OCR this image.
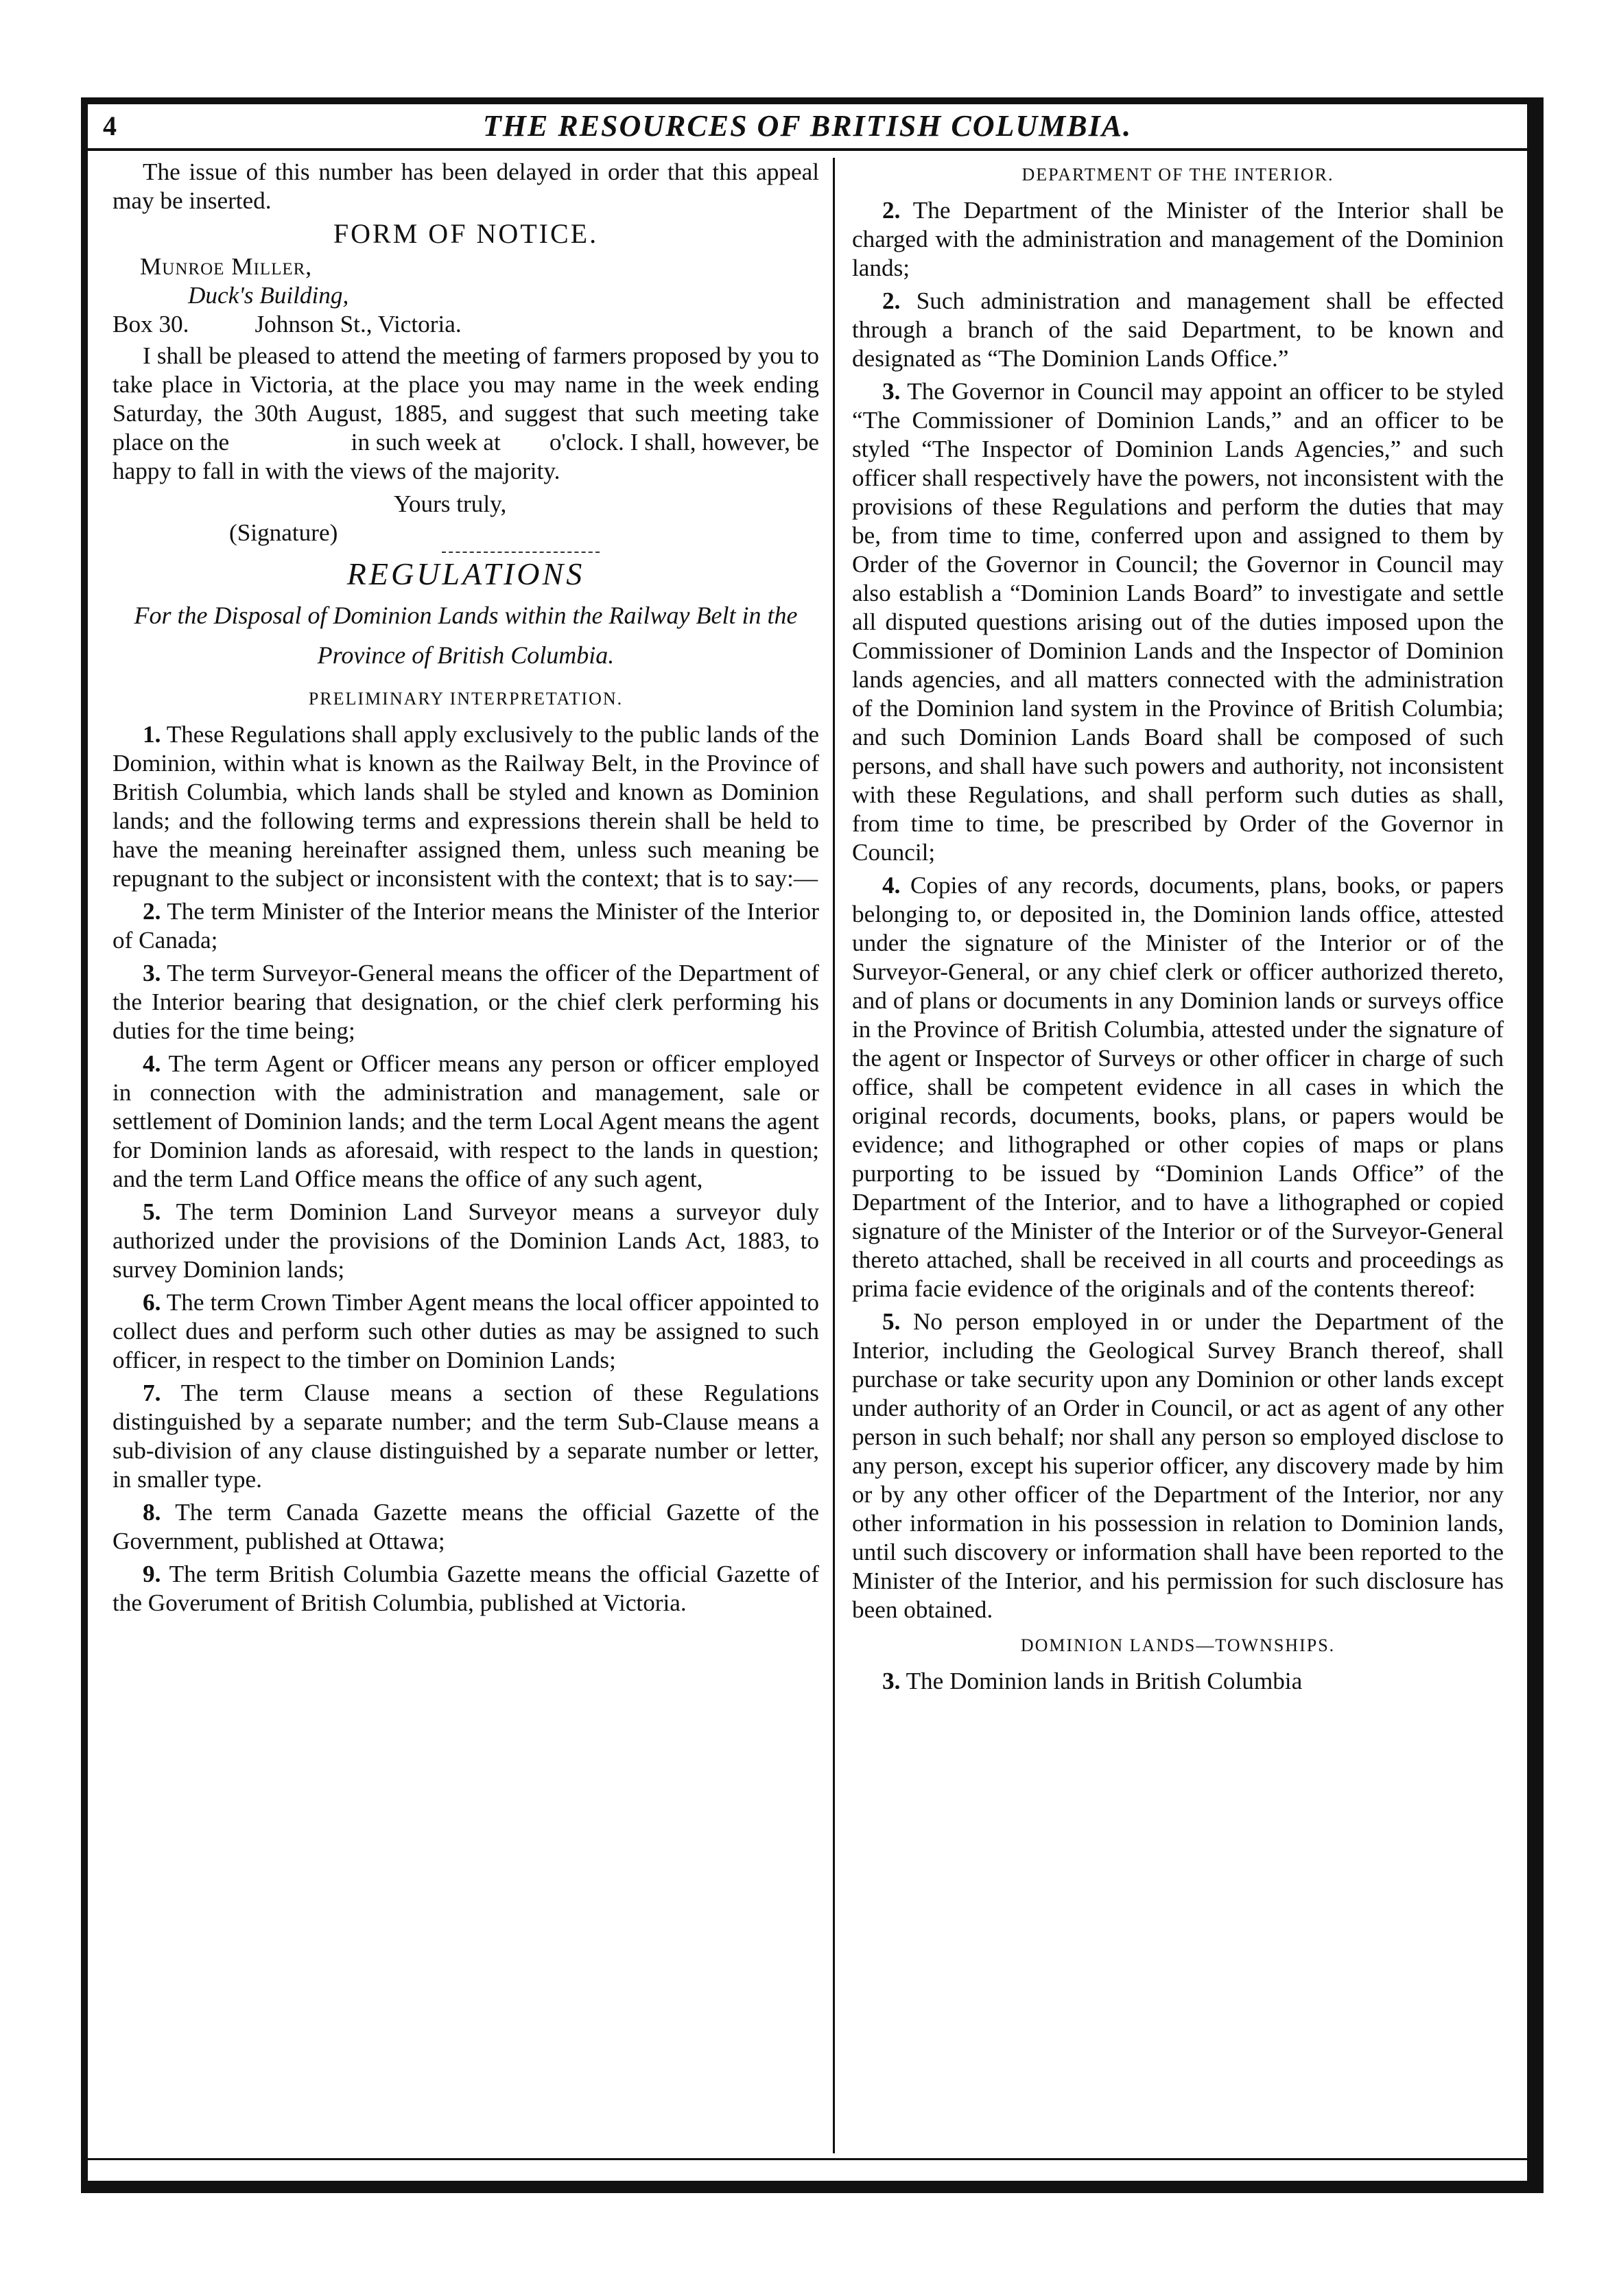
4	THE RESOURCES OF BRITISH COLUMBIA.

The issue of this number has been delayed in order that this appeal may be inserted.

FORM OF NOTICE.

Munroe Miller,

Duck's Building,

Box 30.	Johnson St., Victoria.

I shall be pleased to attend the meeting of farmers proposed by you to take place in Victoria, at the place you may name in the week ending Saturday, the 30th August, 1885, and suggest that such meeting take place on the                    in such week at        o'clock. I shall, however, be happy to fall in with the views of the majority.

Yours truly,

(Signature)

REGULATIONS
For the Disposal of Dominion Lands within the Railway Belt in the Province of British Columbia.
PRELIMINARY INTERPRETATION.

1. These Regulations shall apply exclusively to the public lands of the Dominion, within what is known as the Railway Belt, in the Province of British Columbia, which lands shall be styled and known as Dominion lands; and the following terms and expressions therein shall be held to have the meaning hereinafter assigned them, unless such meaning be repugnant to the subject or inconsistent with the context; that is to say:—

2. The term Minister of the Interior means the Minister of the Interior of Canada;

3. The term Surveyor-General means the officer of the Department of the Interior bearing that designation, or the chief clerk performing his duties for the time being;

4. The term Agent or Officer means any person or officer employed in connection with the administration and management, sale or settlement of Dominion lands; and the term Local Agent means the agent for Dominion lands as aforesaid, with respect to the lands in question; and the term Land Office means the office of any such agent,

5. The term Dominion Land Surveyor means a surveyor duly authorized under the provisions of the Dominion Lands Act, 1883, to survey Dominion lands;

6. The term Crown Timber Agent means the local officer appointed to collect dues and perform such other duties as may be assigned to such officer, in respect to the timber on Dominion Lands;

7. The term Clause means a section of these Regulations distinguished by a separate number; and the term Sub-Clause means a sub-division of any clause distinguished by a separate number or letter, in smaller type.

8. The term Canada Gazette means the official Gazette of the Government, published at Ottawa;

9. The term British Columbia Gazette means the official Gazette of the Goverument of British Columbia, published at Victoria.

DEPARTMENT OF THE INTERIOR.

2. The Department of the Minister of the Interior shall be charged with the administration and management of the Dominion lands;

2. Such administration and management shall be effected through a branch of the said Department, to be known and designated as “The Dominion Lands Office.”

3. The Governor in Council may appoint an officer to be styled “The Commissioner of Dominion Lands,” and an officer to be styled “The Inspector of Dominion Lands Agencies,” and such officer shall respectively have the powers, not inconsistent with the provisions of these Regulations and perform the duties that may be, from time to time, conferred upon and assigned to them by Order of the Governor in Council; the Governor in Council may also establish a “Dominion Lands Board” to investigate and settle all disputed questions arising out of the duties imposed upon the Commissioner of Dominion Lands and the Inspector of Dominion lands agencies, and all matters connected with the administration of the Dominion land system in the Province of British Columbia; and such Dominion Lands Board shall be composed of such persons, and shall have such powers and authority, not inconsistent with these Regulations, and shall perform such duties as shall, from time to time, be prescribed by Order of the Governor in Council;

4. Copies of any records, documents, plans, books, or papers belonging to, or deposited in, the Dominion lands office, attested under the signature of the Minister of the Interior or of the Surveyor-General, or any chief clerk or officer authorized thereto, and of plans or documents in any Dominion lands or surveys office in the Province of British Columbia, attested under the signature of the agent or Inspector of Surveys or other officer in charge of such office, shall be competent evidence in all cases in which the original records, documents, books, plans, or papers would be evidence; and lithographed or other copies of maps or plans purporting to be issued by “Dominion Lands Office” of the Department of the Interior, and to have a lithographed or copied signature of the Minister of the Interior or of the Surveyor-General thereto attached, shall be received in all courts and proceedings as prima facie evidence of the originals and of the contents thereof:

5. No person employed in or under the Department of the Interior, including the Geological Survey Branch thereof, shall purchase or take security upon any Dominion or other lands except under authority of an Order in Council, or act as agent of any other person in such behalf; nor shall any person so employed disclose to any person, except his superior officer, any discovery made by him or by any other officer of the Department of the Interior, nor any other information in his possession in relation to Dominion lands, until such discovery or information shall have been reported to the Minister of the Interior, and his permission for such disclosure has been obtained.

DOMINION LANDS—TOWNSHIPS.

3. The Dominion lands in British Columbia
